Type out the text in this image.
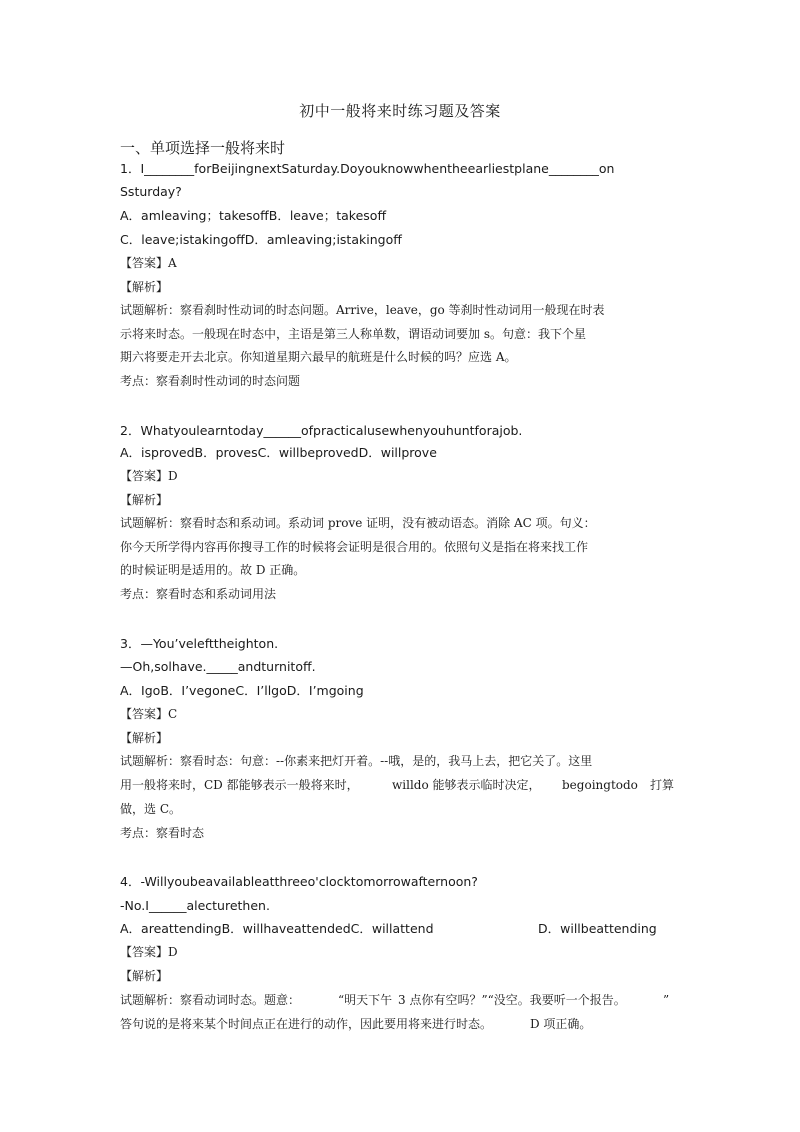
初中一般将来时练习题及答案
一、单项选择一般将来时
1．I________forBeijingnextSaturday.Doyouknowwhentheearliestplane________on
Ssturday?
A．amleaving；takesoffB．leave；takesoff
C．leave;istakingoffD．amleaving;istakingoff
【答案】A
【解析】
试题解析：察看刹时性动词的时态问题。Arrive，leave，go 等刹时性动词用一般现在时表
示将来时态。一般现在时态中，主语是第三人称单数，谓语动词要加 s。句意：我下个星
期六将要走开去北京。你知道星期六最早的航班是什么时候的吗？应选 A。
考点：察看刹时性动词的时态问题
2．Whatyoulearntoday______ofpracticalusewhenyouhuntforajob.
A．isprovedB．provesC．willbeprovedD．willprove
【答案】D
【解析】
试题解析：察看时态和系动词。系动词 prove 证明，没有被动语态。消除 AC 项。句义：
你今天所学得内容再你搜寻工作的时候将会证明是很合用的。依照句义是指在将来找工作
的时候证明是适用的。故 D 正确。
考点：察看时态和系动词用法
3．—You’velefttheighton.
—Oh,solhave._____andturnitoff.
A．IgoB．I’vegoneC．I’llgoD．I’mgoing
【答案】C
【解析】
试题解析：察看时态：句意：--你素来把灯开着。--哦，是的，我马上去，把它关了。这里
用一般将来时，CD 都能够表示一般将来时，	willdo 能够表示临时决定， begoingtodo 打算
做，选 C。
考点：察看时态
4．-Willyoubeavailableatthreeo'clocktomorrowafternoon?
-No.I______alecturethen.
A．areattendingB．willhaveattendedC．willattend	D．willbeattending
【答案】D
【解析】
试题解析：察看动词时态。题意：	“明天下午 3 点你有空吗？”“没空。我要听一个报告。	”
答句说的是将来某个时间点正在进行的动作，因此要用将来进行时态。	D 项正确。
